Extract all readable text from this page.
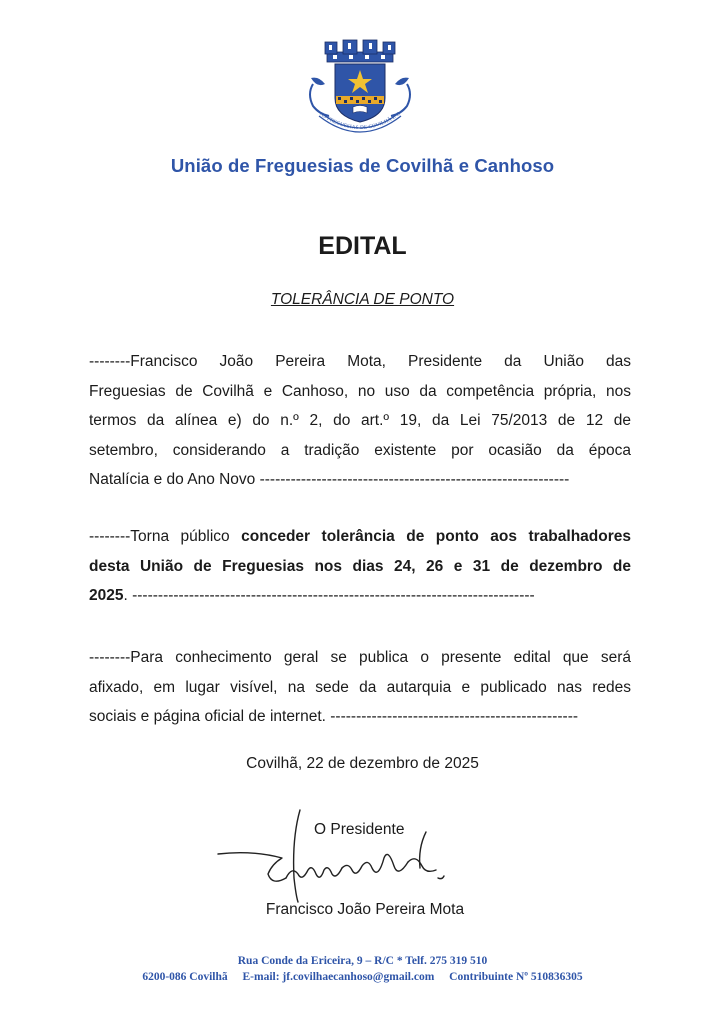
AS FREGUESIAS DE COVILHÃ E C
União de Freguesias de Covilhã e Canhoso
EDITAL
TOLERÂNCIA DE PONTO
--------Francisco João Pereira Mota, Presidente da União das
Freguesias de Covilhã e Canhoso, no uso da competência própria, nos
termos da alínea e) do n.º 2, do art.º 19, da Lei 75/2013 de 12 de
setembro, considerando a tradição existente por ocasião da época
Natalícia e do Ano Novo ------------------------------------------------------------
--------Torna público conceder tolerância de ponto aos trabalhadores
desta União de Freguesias nos dias 24, 26 e 31 de dezembro de
2025. ------------------------------------------------------------------------------
--------Para conhecimento geral se publica o presente edital que será
afixado, em lugar visível, na sede da autarquia e publicado nas redes
sociais e página oficial de internet. ------------------------------------------------
Covilhã, 22 de dezembro de 2025
O Presidente
Francisco João Pereira Mota
Rua Conde da Ericeira, 9 – R/C * Telf. 275 319 510
6200-086 Covilhã E-mail: jf.covilhaecanhoso@gmail.com Contribuinte Nº 510836305
